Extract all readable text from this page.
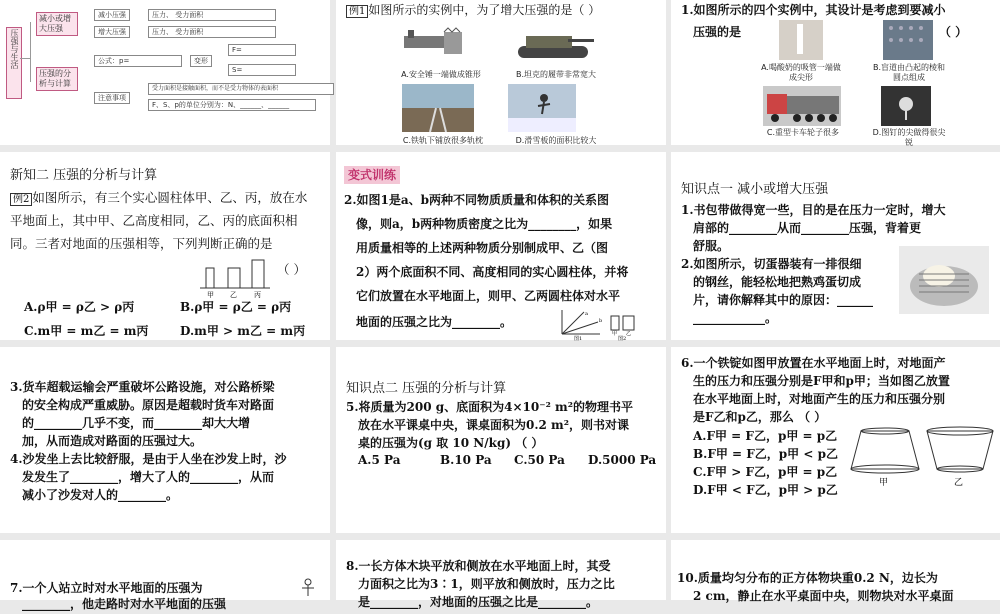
压强与生活
减小或增大压强
压强的分析与计算
减小压强	压力、 受力面积
增大压强	压力、 受力面积
公式：p=	变形
F=
S=
注意事项
受力面积是接触面积，而不是受力物体的表面积
F、S、p的单位分别为：N、______、______
例1 如图所示的实例中，为了增大压强的是（ ）
A.安全锤一端做成锥形	B.坦克的履带非常宽大
C.铁轨下铺放很多轨枕	D.滑雪板的面积比较大
1.如图所示的四个实例中，其设计是考虑到要减小
压强的是	（ ）
A.喝酸奶的吸管一端做成尖形
B.盲道由凸起的棱和圆点组成
C.重型卡车轮子很多	D.图钉的尖做得很尖锐
新知二 压强的分析与计算
例2 如图所示，有三个实心圆柱体甲、乙、丙，放在水
平地面上，其中甲、乙高度相同，乙、丙的底面积相
同。三者对地面的压强相等，下列判断正确的是
甲 乙 丙
（ ）
A.ρ甲 = ρ乙 > ρ丙	B.ρ甲 = ρ乙 = ρ丙
C.m甲 = m乙 = m丙	D.m甲 > m乙 = m丙
变式训练
2.如图1是a、b两种不同物质质量和体积的关系图
像，则a，b两种物质密度之比为________，如果
用质量相等的上述两种物质分别制成甲、乙（图
2）两个底面积不同、高度相同的实心圆柱体，并将
它们放置在水平地面上，则甲、乙两圆柱体对水平
地面的压强之比为________。
a
b
图1
甲 乙
图2
知识点一 减小或增大压强
1.书包带做得宽一些，目的是在压力一定时，增大
肩部的________从而________压强，背着更
舒服。
2.如图所示，切蛋器装有一排很细
的钢丝，能轻松地把熟鸡蛋切成
片，请你解释其中的原因：______
____________。
3.货车超载运输会严重破坏公路设施，对公路桥梁
的安全构成严重威胁。原因是超载时货车对路面
的________几乎不变，而________却大大增
加，从而造成对路面的压强过大。
4.沙发坐上去比较舒服，是由于人坐在沙发上时，沙
发发生了________，增大了人的________，从而
减小了沙发对人的________。
知识点二 压强的分析与计算
5.将质量为200 g、底面积为4×10⁻² m²的物理书平
放在水平课桌中央，课桌面积为0.2 m²，则书对课
桌的压强为(g 取 10 N/kg) （ ）
A.5 Pa	B.10 Pa C.50 Pa D.5000 Pa
6.一个铁锭如图甲放置在水平地面上时，对地面产
生的压力和压强分别是F甲和p甲；当如图乙放置
在水平地面上时，对地面产生的压力和压强分别
是F乙和p乙，那么 （ ）
A.F甲 = F乙，p甲 = p乙
B.F甲 = F乙，p甲 < p乙
C.F甲 > F乙，p甲 = p乙
D.F甲 < F乙，p甲 > p乙	甲	乙
7.一个人站立时对水平地面的压强为
________，他走路时对水平地面的压强
8.一长方体木块平放和侧放在水平地面上时，其受
力面积之比为3∶1，则平放和侧放时，压力之比
是________，对地面的压强之比是________。
10.质量均匀分布的正方体物块重0.2 N，边长为
2 cm，静止在水平桌面中央，则物块对水平桌面
